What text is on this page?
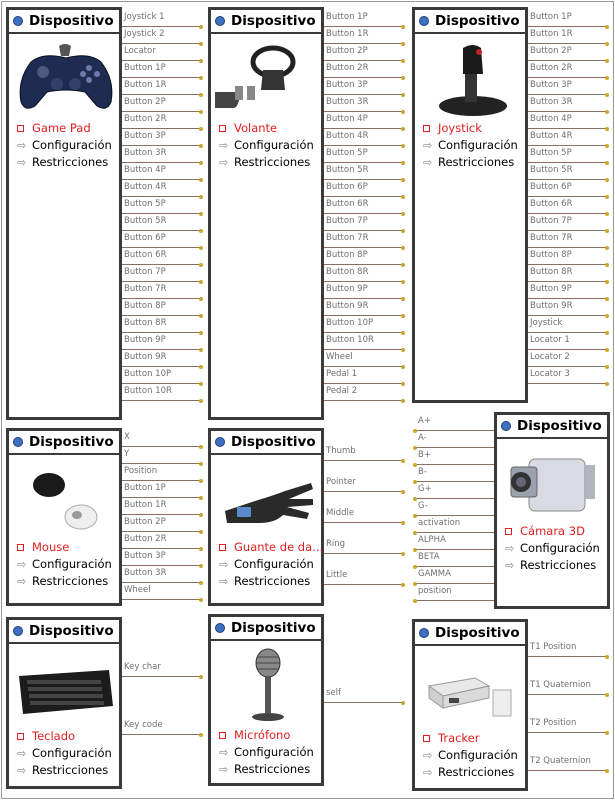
Dispositivo
Game Pad
⇨ Configuración
⇨ Restricciones
Dispositivo
Volante
⇨ Configuración
⇨ Restricciones
Dispositivo
Joystick
⇨ Configuración
⇨ Restricciones
Dispositivo
Mouse
⇨ Configuración
⇨ Restricciones
Dispositivo
Guante de da...
⇨ Configuración
⇨ Restricciones
Dispositivo
Cámara 3D
⇨ Configuración
⇨ Restricciones
Dispositivo
Teclado
⇨ Configuración
⇨ Restricciones
Dispositivo
Micrófono
⇨ Configuración
⇨ Restricciones
Dispositivo
Tracker
⇨ Configuración
⇨ Restricciones
Joystick 1
Joystick 2
Locator
Button 1P
Button 1R
Button 2P
Button 2R
Button 3P
Button 3R
Button 4P
Button 4R
Button 5P
Button 5R
Button 6P
Button 6R
Button 7P
Button 7R
Button 8P
Button 8R
Button 9P
Button 9R
Button 10P
Button 10R
Button 1P
Button 1R
Button 2P
Button 2R
Button 3P
Button 3R
Button 4P
Button 4R
Button 5P
Button 5R
Button 6P
Button 6R
Button 7P
Button 7R
Button 8P
Button 8R
Button 9P
Button 9R
Button 10P
Button 10R
Wheel
Pedal 1
Pedal 2
Button 1P
Button 1R
Button 2P
Button 2R
Button 3P
Button 3R
Button 4P
Button 4R
Button 5P
Button 5R
Button 6P
Button 6R
Button 7P
Button 7R
Button 8P
Button 8R
Button 9P
Button 9R
Joystick
Locator 1
Locator 2
Locator 3
X
Y
Position
Button 1P
Button 1R
Button 2P
Button 2R
Button 3P
Button 3R
Wheel
Thumb
Pointer
Middle
Ring
Little
A+
A-
B+
B-
G+
G-
activation
ALPHA
BETA
GAMMA
position
Key char
Key code
self
T1 Position
T1 Quaternion
T2 Position
T2 Quaternion
